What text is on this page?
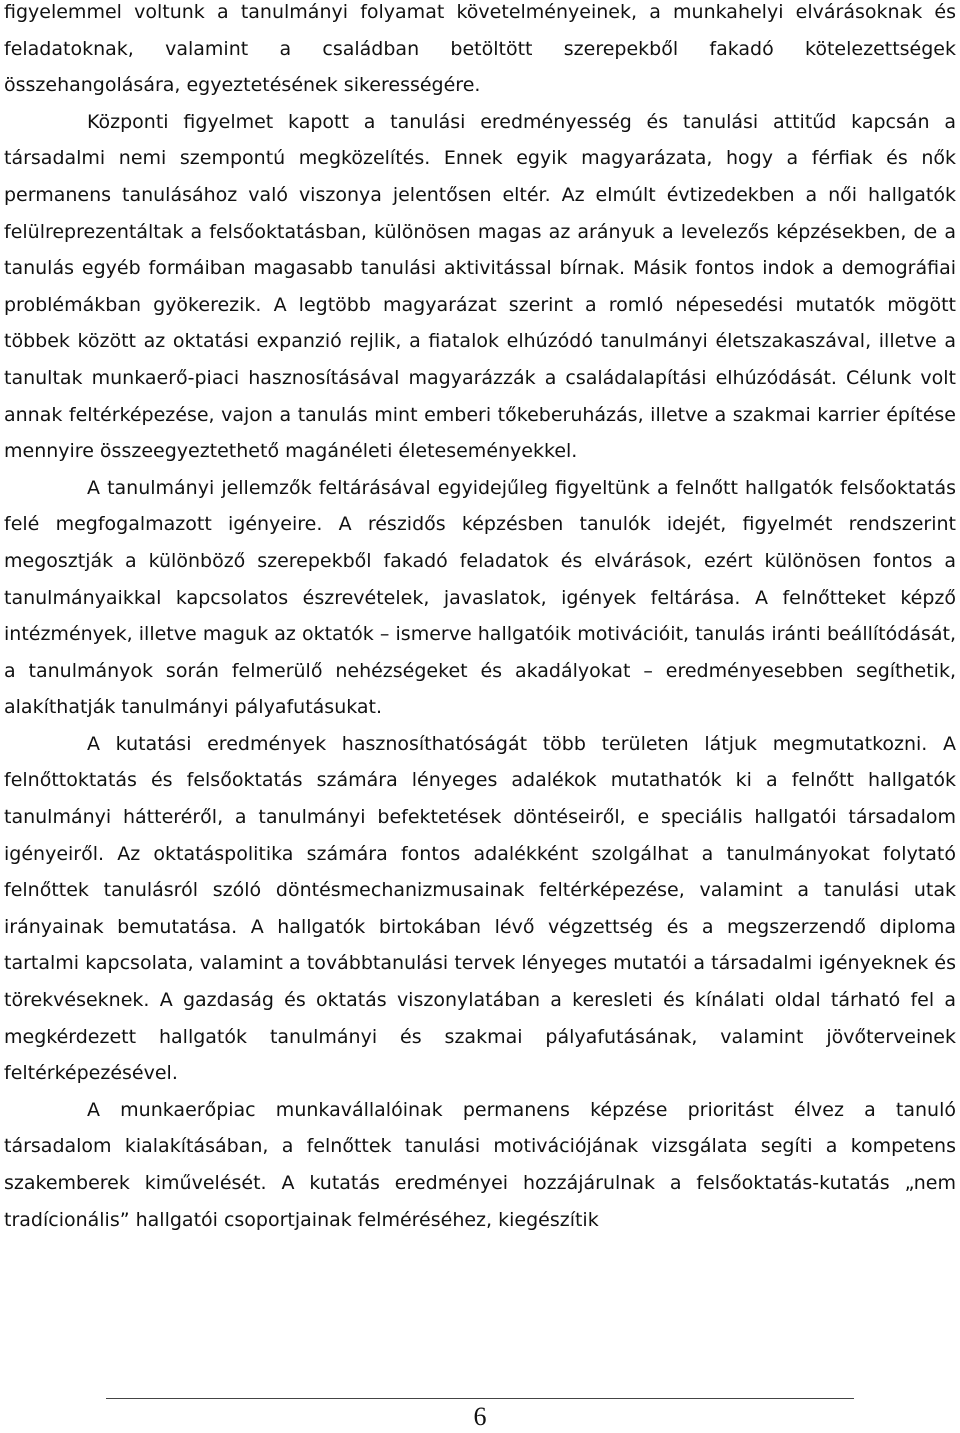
figyelemmel voltunk a tanulmányi folyamat követelményeinek, a munkahelyi elvárásoknak és feladatoknak, valamint a családban betöltött szerepekből fakadó kötelezettségek összehangolására, egyeztetésének sikerességére.

Központi figyelmet kapott a tanulási eredményesség és tanulási attitűd kapcsán a társadalmi nemi szempontú megközelítés. Ennek egyik magyarázata, hogy a férfiak és nők permanens tanulásához való viszonya jelentősen eltér. Az elmúlt évtizedekben a női hallgatók felülreprezentáltak a felsőoktatásban, különösen magas az arányuk a levelezős képzésekben, de a tanulás egyéb formáiban magasabb tanulási aktivitással bírnak. Másik fontos indok a demográfiai problémákban gyökerezik. A legtöbb magyarázat szerint a romló népesedési mutatók mögött többek között az oktatási expanzió rejlik, a fiatalok elhúzódó tanulmányi életszakaszával, illetve a tanultak munkaerő-piaci hasznosításával magyarázzák a családalapítási elhúzódását. Célunk volt annak feltérképezése, vajon a tanulás mint emberi tőkeberuházás, illetve a szakmai karrier építése mennyire összeegyeztethető magánéleti életeseményekkel.

A tanulmányi jellemzők feltárásával egyidejűleg figyeltünk a felnőtt hallgatók felsőoktatás felé megfogalmazott igényeire. A részidős képzésben tanulók idejét, figyelmét rendszerint megosztják a különböző szerepekből fakadó feladatok és elvárások, ezért különösen fontos a tanulmányaikkal kapcsolatos észrevételek, javaslatok, igények feltárása. A felnőtteket képző intézmények, illetve maguk az oktatók – ismerve hallgatóik motivációit, tanulás iránti beállítódását, a tanulmányok során felmerülő nehézségeket és akadályokat – eredményesebben segíthetik, alakíthatják tanulmányi pályafutásukat.

A kutatási eredmények hasznosíthatóságát több területen látjuk megmutatkozni. A felnőttoktatás és felsőoktatás számára lényeges adalékok mutathatók ki a felnőtt hallgatók tanulmányi hátteréről, a tanulmányi befektetések döntéseiről, e speciális hallgatói társadalom igényeiről. Az oktatáspolitika számára fontos adalékként szolgálhat a tanulmányokat folytató felnőttek tanulásról szóló döntésmechanizmusainak feltérképezése, valamint a tanulási utak irányainak bemutatása. A hallgatók birtokában lévő végzettség és a megszerzendő diploma tartalmi kapcsolata, valamint a továbbtanulási tervek lényeges mutatói a társadalmi igényeknek és törekvéseknek. A gazdaság és oktatás viszonylatában a keresleti és kínálati oldal tárható fel a megkérdezett hallgatók tanulmányi és szakmai pályafutásának, valamint jövőterveinek feltérképezésével.

A munkaerőpiac munkavállalóinak permanens képzése prioritást élvez a tanuló társadalom kialakításában, a felnőttek tanulási motivációjának vizsgálata segíti a kompetens szakemberek kiművelését. A kutatás eredményei hozzájárulnak a felsőoktatás-kutatás „nem tradícionális” hallgatói csoportjainak felméréséhez, kiegészítik

6
